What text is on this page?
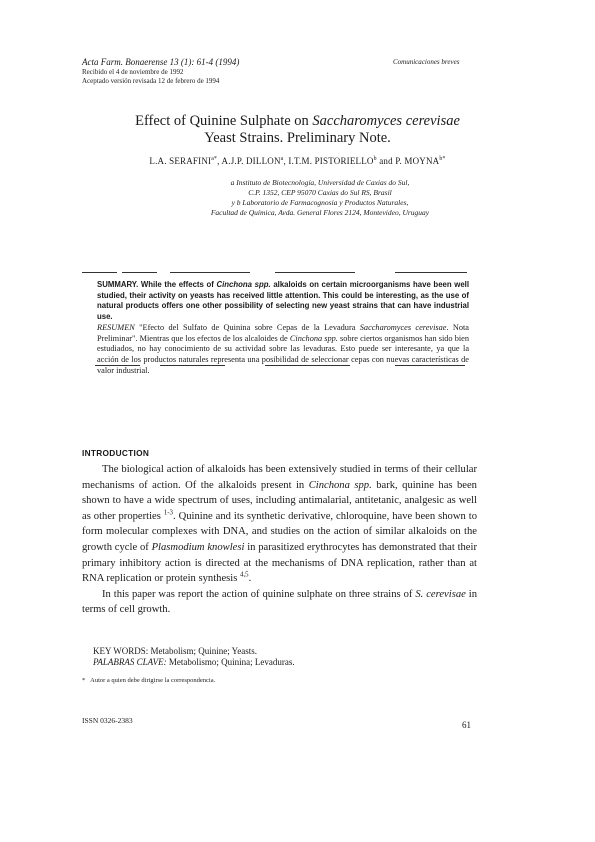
Acta Farm. Bonaerense 13 (1): 61-4 (1994)
Recibido el 4 de noviembre de 1992
Aceptado versión revisada 12 de febrero de 1994
Comunicaciones breves
Effect of Quinine Sulphate on Saccharomyces cerevisae
Yeast Strains. Preliminary Note.
L.A. $SERAFINI^{a*}$, A.J.P. DILLON$^a$, I.T.M. PISTORIELLO$^b$ and P. $MOYNA^{b*}$
a Instituto de Biotecnología, Universidad de Caxias do Sul,
C.P. 1352, CEP 95070 Caxias do Sul RS, Brasil
y b Laboratorio de Farmacognosia y Productos Naturales,
Facultad de Química, Avda. General Flores 2124, Montevideo, Uruguay
SUMMARY. While the effects of Cinchona spp. alkaloids on certain microorganisms have been well studied, their activity on yeasts has received little attention. This could be interesting, as the use of natural products offers one other possibility of selecting new yeast strains that can have industrial use.
RESUMEN "Efecto del Sulfato de Quinina sobre Cepas de la Levadura Saccharomyces cerevisae. Nota Preliminar". Mientras que los efectos de los alcaloides de Cinchona spp. sobre ciertos organismos han sido bien estudiados, no hay conocimiento de su actividad sobre las levaduras. Esto puede ser interesante, ya que la acción de los productos naturales representa una posibilidad de seleccionar cepas con nuevas características de valor industrial.
INTRODUCTION

The biological action of alkaloids has been extensively studied in terms of their cellular mechanisms of action. Of the alkaloids present in Cinchona spp. bark, quinine has been shown to have a wide spectrum of uses, including antimalarial, antitetanic, analgesic as well as other properties $^{1-3}$. Quinine and its synthetic derivative, chloroquine, have been shown to form molecular complexes with DNA, and studies on the action of similar alkaloids on the growth cycle of Plasmodium knowlesi in parasitized erythrocytes has demonstrated that their primary inhibitory action is directed at the mechanisms of DNA replication, rather than at RNA replication or protein synthesis $^{4,5}$.

In this paper was report the action of quinine sulphate on three strains of S. cerevisae in terms of cell growth.

KEY WORDS: Metabolism; Quinine; Yeasts.
PALABRAS CLAVE: Metabolismo; Quinina; Levaduras.
* Autor a quien debe dirigirse la correspondencia.
ISSN 0326-2383	61
